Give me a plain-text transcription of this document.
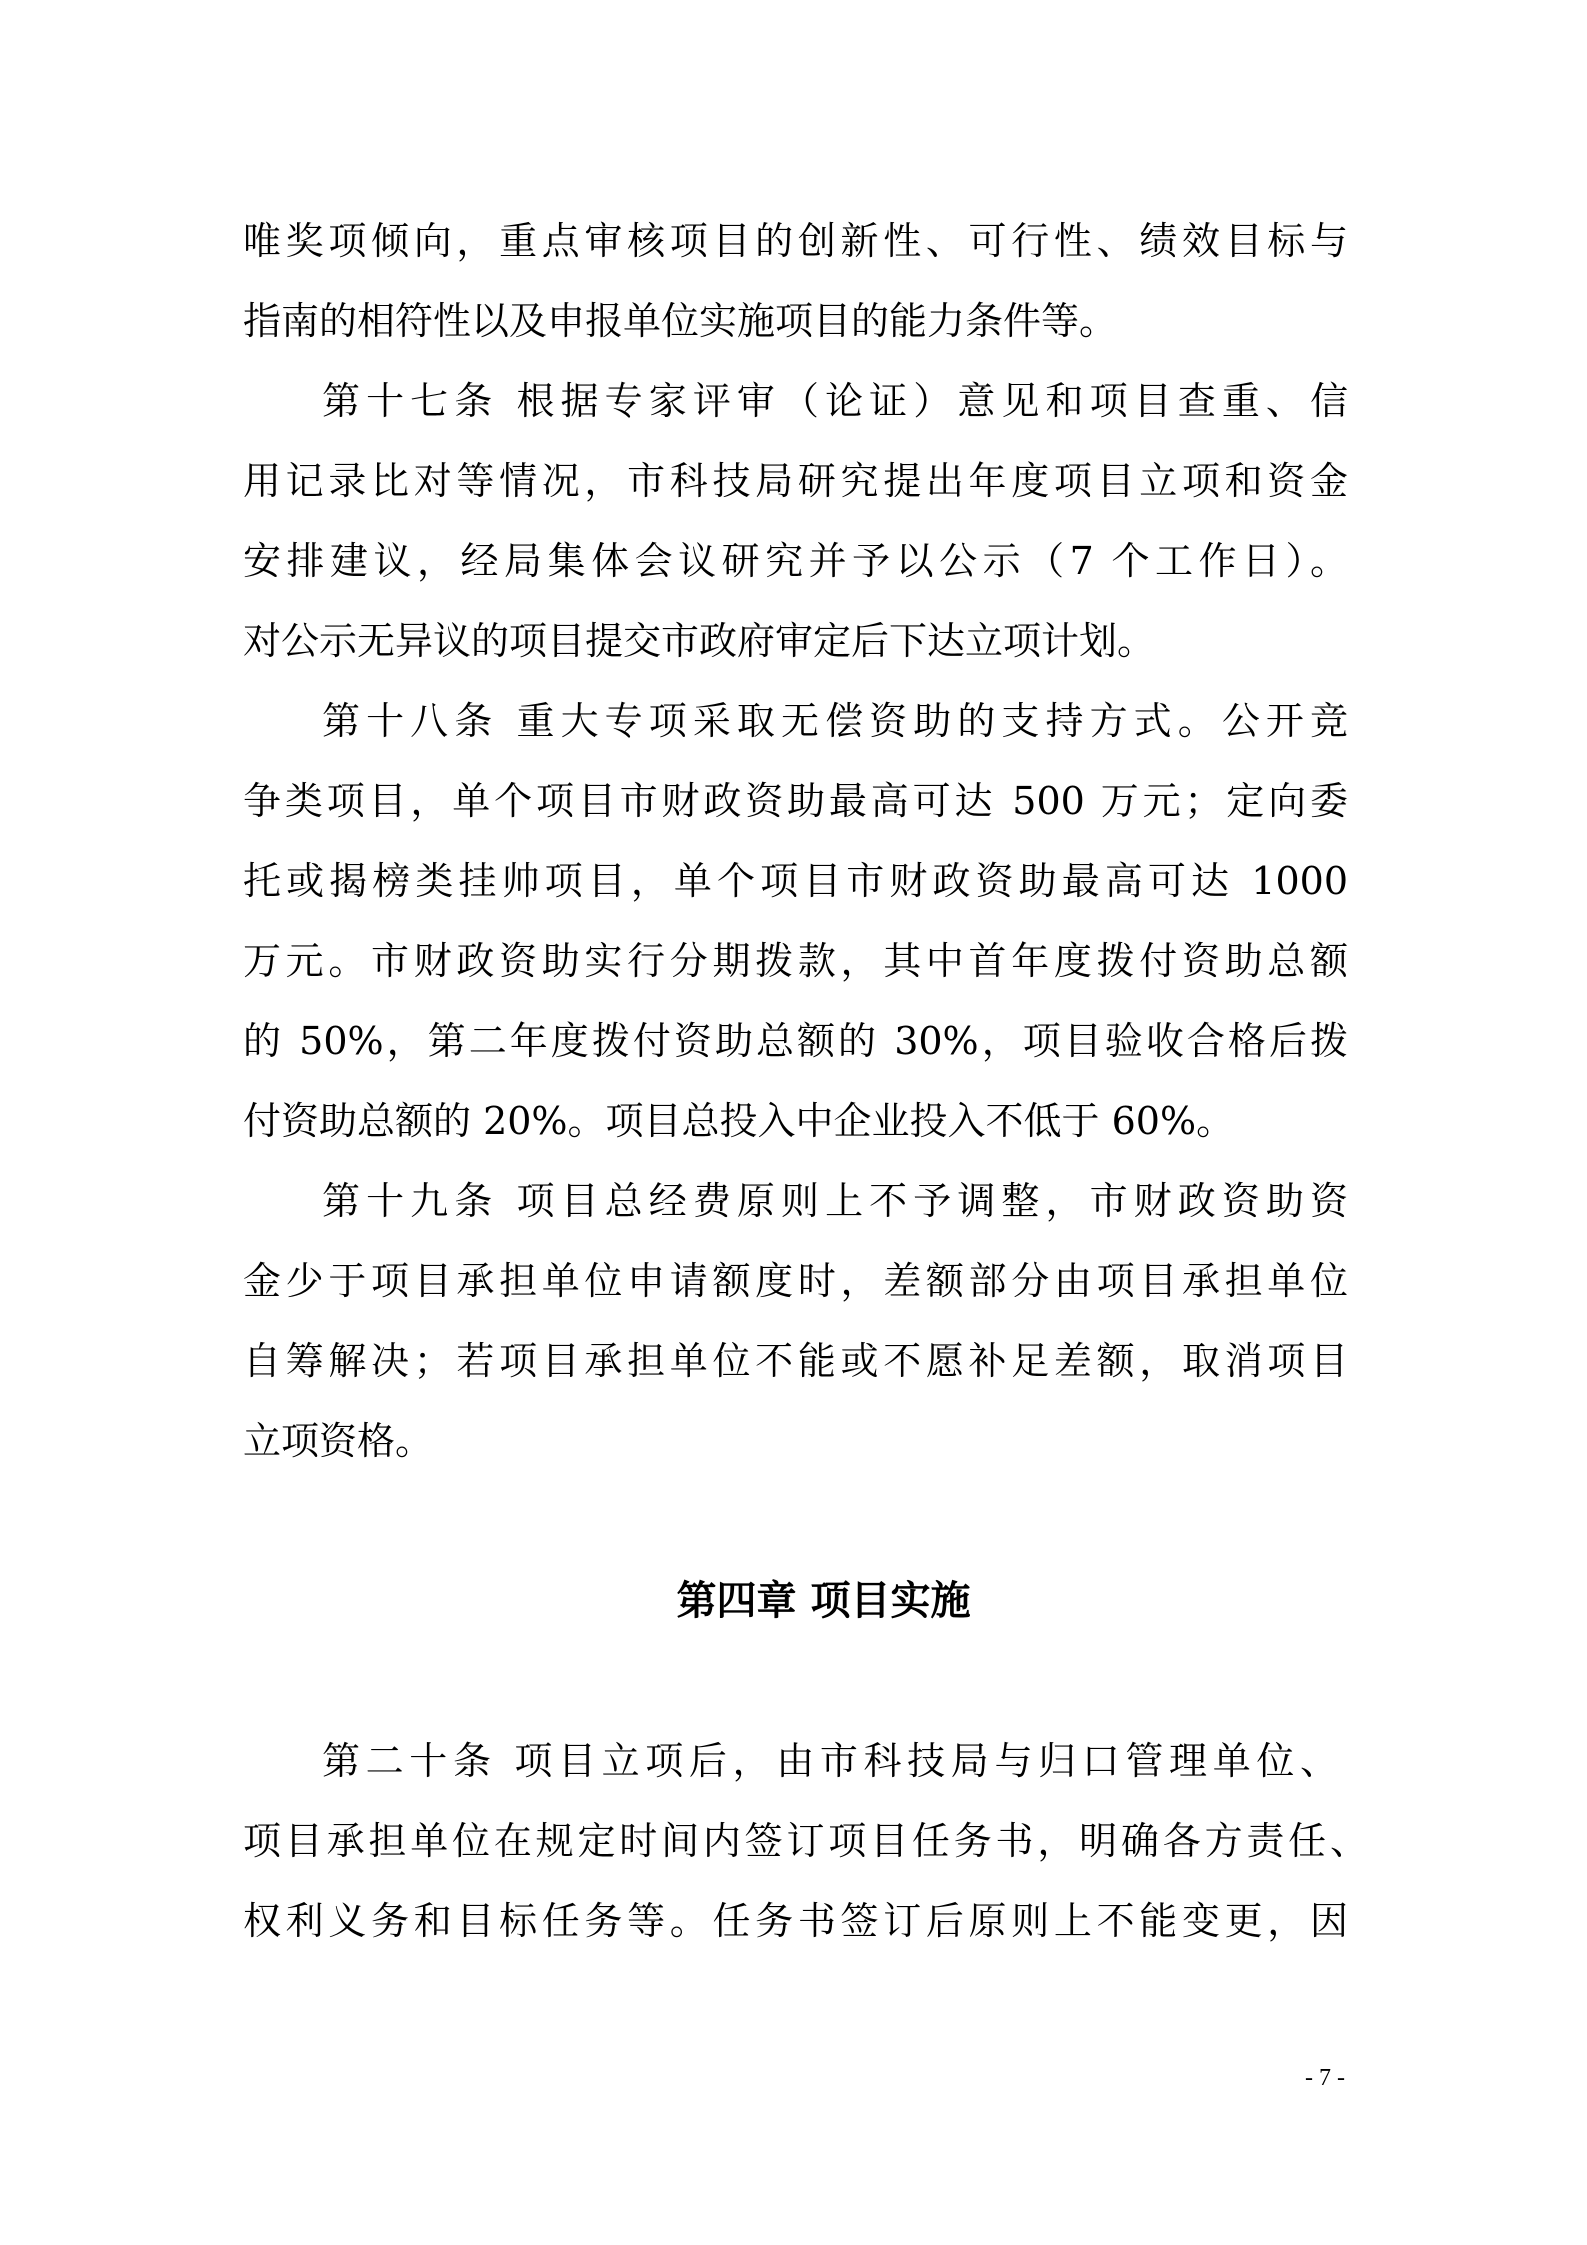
唯奖项倾向，重点审核项目的创新性、可行性、绩效目标与
指南的相符性以及申报单位实施项目的能力条件等。
第十七条 根据专家评审（论证）意见和项目查重、信
用记录比对等情况，市科技局研究提出年度项目立项和资金
安排建议，经局集体会议研究并予以公示（7 个工作日）。
对公示无异议的项目提交市政府审定后下达立项计划。
第十八条 重大专项采取无偿资助的支持方式。公开竞
争类项目，单个项目市财政资助最高可达 500 万元；定向委
托或揭榜类挂帅项目，单个项目市财政资助最高可达 1000
万元。市财政资助实行分期拨款，其中首年度拨付资助总额
的 50%，第二年度拨付资助总额的 30%，项目验收合格后拨
付资助总额的 20%。项目总投入中企业投入不低于 60%。
第十九条 项目总经费原则上不予调整，市财政资助资
金少于项目承担单位申请额度时，差额部分由项目承担单位
自筹解决；若项目承担单位不能或不愿补足差额，取消项目
立项资格。
第四章 项目实施
第二十条 项目立项后，由市科技局与归口管理单位、
项目承担单位在规定时间内签订项目任务书，明确各方责任、
权利义务和目标任务等。任务书签订后原则上不能变更，因
- 7 -
